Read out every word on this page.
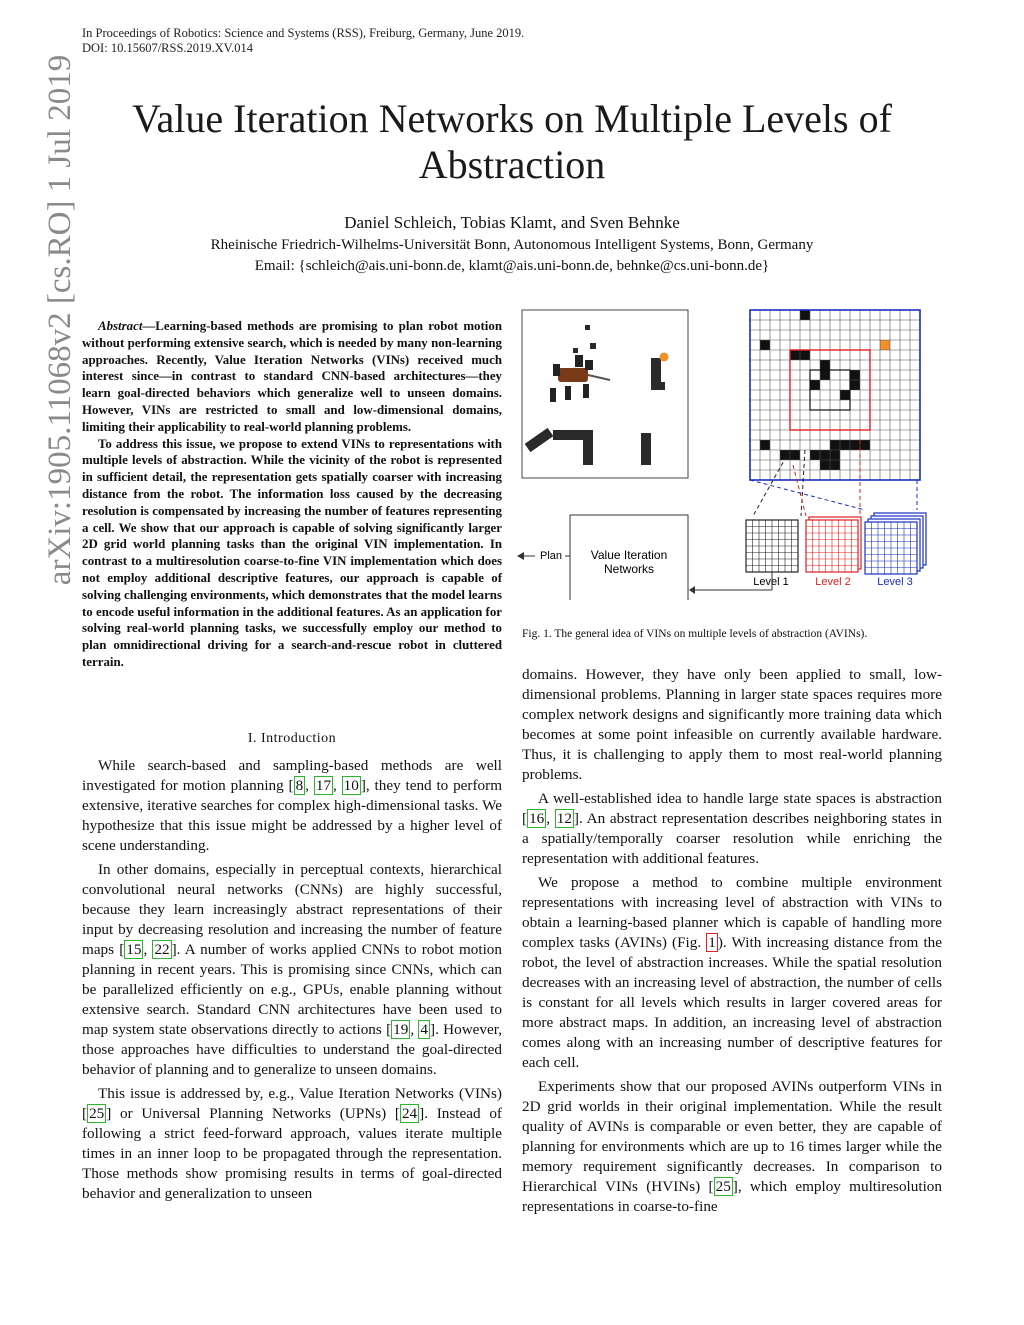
In Proceedings of Robotics: Science and Systems (RSS), Freiburg, Germany, June 2019.
DOI: 10.15607/RSS.2019.XV.014
Value Iteration Networks on Multiple Levels of
Abstraction
Daniel Schleich, Tobias Klamt, and Sven Behnke
Rheinische Friedrich-Wilhelms-Universität Bonn, Autonomous Intelligent Systems, Bonn, Germany
Email: {schleich@ais.uni-bonn.de, klamt@ais.uni-bonn.de, behnke@cs.uni-bonn.de}
arXiv:1905.11068v2 [cs.RO] 1 Jul 2019	Abstract—Learning-based methods are promising to plan robot motion without performing extensive search, which is needed by many non-learning approaches. Recently, Value Iteration Networks (VINs) received much interest since—in contrast to standard CNN-based architectures—they learn goal-directed behaviors which generalize well to unseen domains. However, VINs are restricted to small and low-dimensional domains, limiting their applicability to real-world planning problems.

To address this issue, we propose to extend VINs to representations with multiple levels of abstraction. While the vicinity of the robot is represented in sufficient detail, the representation gets spatially coarser with increasing distance from the robot. The information loss caused by the decreasing resolution is compensated by increasing the number of features representing a cell. We show that our approach is capable of solving significantly larger 2D grid world planning tasks than the original VIN implementation. In contrast to a multiresolution coarse-to-fine VIN implementation which does not employ additional descriptive features, our approach is capable of solving challenging environments, which demonstrates that the model learns to encode useful information in the additional features. As an application for solving real-world planning tasks, we successfully employ our method to plan omnidirectional driving for a search-and-rescue robot in cluttered terrain.

I. Introduction

While search-based and sampling-based methods are well investigated for motion planning [ 8 , 17 , 10 ], they tend to perform extensive, iterative searches for complex high-dimensional tasks. We hypothesize that this issue might be addressed by a higher level of scene understanding.

In other domains, especially in perceptual contexts, hierarchical convolutional neural networks (CNNs) are highly successful, because they learn increasingly abstract representations of their input by decreasing resolution and increasing the number of feature maps [ 15 , 22 ]. A number of works applied CNNs to robot motion planning in recent years. This is promising since CNNs, which can be parallelized efficiently on e.g., GPUs, enable planning without extensive search. Standard CNN architectures have been used to map system state observations directly to actions [ 19 , 4 ]. However, those approaches have difficulties to understand the goal-directed behavior of planning and to generalize to unseen domains.

This issue is addressed by, e.g., Value Iteration Networks (VINs) [ 25 ] or Universal Planning Networks (UPNs) [ 24 ]. Instead of following a strict feed-forward approach, values iterate multiple times in an inner loop to be propagated through the representation. Those methods show promising results in terms of goal-directed behavior and generalization to unseen

domains. However, they have only been applied to small, low-dimensional problems. Planning in larger state spaces requires more complex network designs and significantly more training data which becomes at some point infeasible on currently available hardware. Thus, it is challenging to apply them to most real-world planning problems.

A well-established idea to handle large state spaces is abstraction [ 16 , 12 ]. An abstract representation describes neighboring states in a spatially/temporally coarser resolution while enriching the representation with additional features.

We propose a method to combine multiple environment representations with increasing level of abstraction with VINs to obtain a learning-based planner which is capable of handling more complex tasks (AVINs) (Fig. 1 ). With increasing distance from the robot, the level of abstraction increases. While the spatial resolution decreases with an increasing level of abstraction, the number of cells is constant for all levels which results in larger covered areas for more abstract maps. In addition, an increasing level of abstraction comes along with an increasing number of descriptive features for each cell.

Experiments show that our proposed AVINs outperform VINs in 2D grid worlds in their original implementation. While the result quality of AVINs is comparable or even better, they are capable of planning for environments which are up to 16 times larger while the memory requirement significantly decreases. In comparison to Hierarchical VINs (HVINs) [ 25 ], which employ multiresolution representations in coarse-to-fine

Value Iteration
Networks
Plan
Level 1 Level 2 Level 3
Fig. 1. The general idea of VINs on multiple levels of abstraction (AVINs).
